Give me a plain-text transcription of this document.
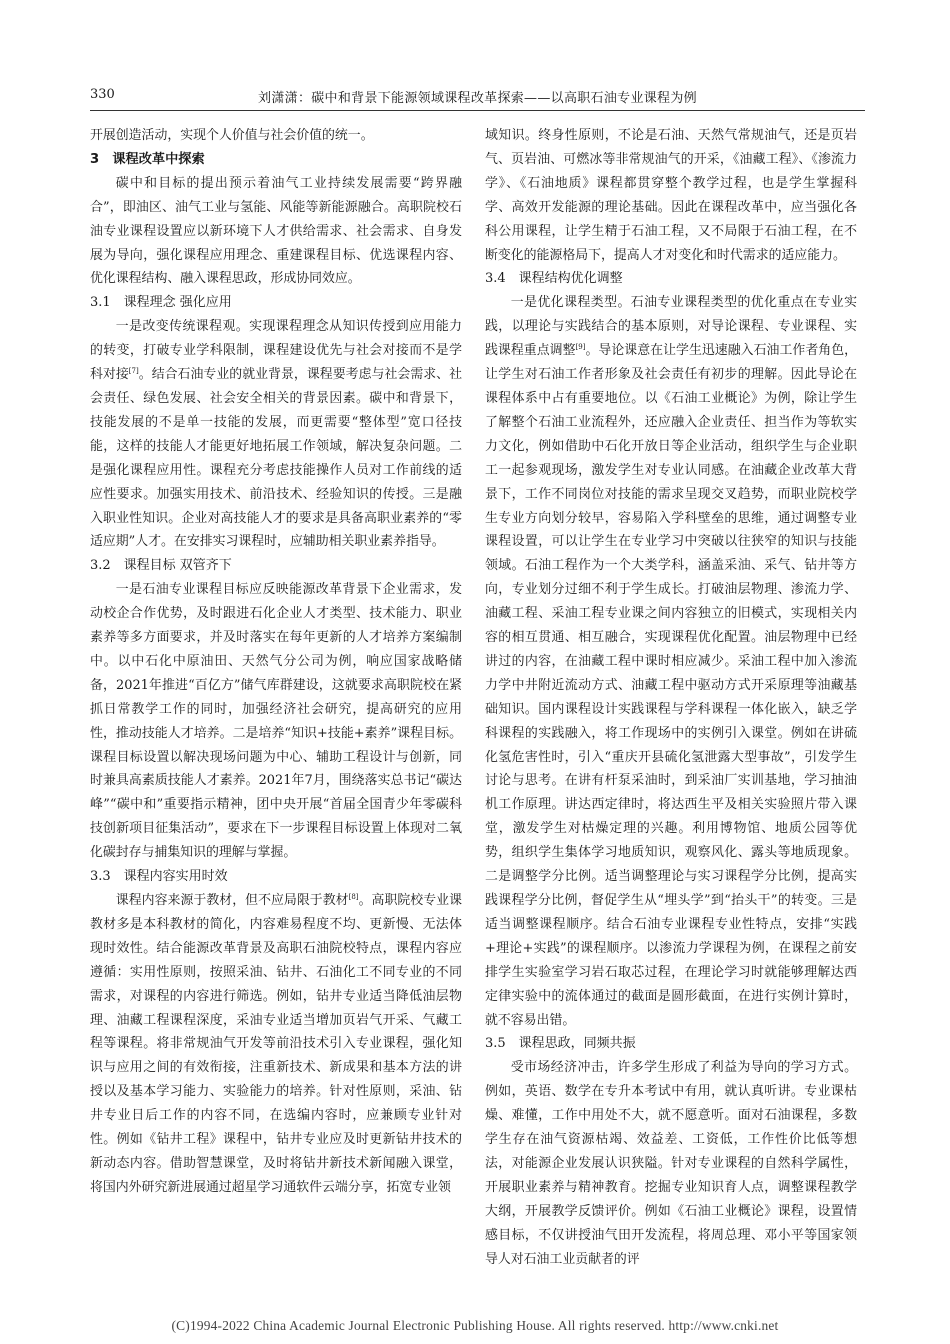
330	刘潇潇：碳中和背景下能源领域课程改革探索——以高职石油专业课程为例

开展创造活动，实现个人价值与社会价值的统一。

3　课程改革中探索

碳中和目标的提出预示着油气工业持续发展需要“跨界融合”，即油区、油气工业与氢能、风能等新能源融合。高职院校石油专业课程设置应以新环境下人才供给需求、社会需求、自身发展为导向，强化课程应用理念、重建课程目标、优选课程内容、优化课程结构、融入课程思政，形成协同效应。

3.1　课程理念 强化应用

一是改变传统课程观。实现课程理念从知识传授到应用能力的转变，打破专业学科限制，课程建设优先与社会对接而不是学科对接[7]。结合石油专业的就业背景，课程要考虑与社会需求、社会责任、绿色发展、社会安全相关的背景因素。碳中和背景下，技能发展的不是单一技能的发展，而更需要“整体型”宽口径技能，这样的技能人才能更好地拓展工作领域，解决复杂问题。二是强化课程应用性。课程充分考虑技能操作人员对工作前线的适应性要求。加强实用技术、前沿技术、经验知识的传授。三是融入职业性知识。企业对高技能人才的要求是具备高职业素养的“零适应期”人才。在安排实习课程时，应辅助相关职业素养指导。

3.2　课程目标 双管齐下

一是石油专业课程目标应反映能源改革背景下企业需求，发动校企合作优势，及时跟进石化企业人才类型、技术能力、职业素养等多方面要求，并及时落实在每年更新的人才培养方案编制中。以中石化中原油田、天然气分公司为例，响应国家战略储备，2021年推进“百亿方”储气库群建设，这就要求高职院校在紧抓日常教学工作的同时，加强经济社会研究，提高研究的应用性，推动技能人才培养。二是培养“知识+技能+素养”课程目标。课程目标设置以解决现场问题为中心、辅助工程设计与创新，同时兼具高素质技能人才素养。2021年7月，围绕落实总书记“碳达峰”“碳中和”重要指示精神，团中央开展“首届全国青少年零碳科技创新项目征集活动”，要求在下一步课程目标设置上体现对二氧化碳封存与捕集知识的理解与掌握。

3.3　课程内容实用时效

课程内容来源于教材，但不应局限于教材[8]。高职院校专业课教材多是本科教材的简化，内容难易程度不均、更新慢、无法体现时效性。结合能源改革背景及高职石油院校特点，课程内容应遵循：实用性原则，按照采油、钻井、石油化工不同专业的不同需求，对课程的内容进行筛选。例如，钻井专业适当降低油层物理、油藏工程课程深度，采油专业适当增加页岩气开采、气藏工程等课程。将非常规油气开发等前沿技术引入专业课程，强化知识与应用之间的有效衔接，注重新技术、新成果和基本方法的讲授以及基本学习能力、实验能力的培养。针对性原则，采油、钻井专业日后工作的内容不同，在选编内容时，应兼顾专业针对性。例如《钻井工程》课程中，钻井专业应及时更新钻井技术的新动态内容。借助智慧课堂，及时将钻井新技术新闻融入课堂，将国内外研究新进展通过超星学习通软件云端分享，拓宽专业领

域知识。终身性原则，不论是石油、天然气常规油气，还是页岩气、页岩油、可燃冰等非常规油气的开采，《油藏工程》、《渗流力学》、《石油地质》课程都贯穿整个教学过程，也是学生掌握科学、高效开发能源的理论基础。因此在课程改革中，应当强化各科公用课程，让学生精于石油工程，又不局限于石油工程，在不断变化的能源格局下，提高人才对变化和时代需求的适应能力。

3.4　课程结构优化调整

一是优化课程类型。石油专业课程类型的优化重点在专业实践，以理论与实践结合的基本原则，对导论课程、专业课程、实践课程重点调整[9]。导论课意在让学生迅速融入石油工作者角色，让学生对石油工作者形象及社会责任有初步的理解。因此导论在课程体系中占有重要地位。以《石油工业概论》为例，除让学生了解整个石油工业流程外，还应融入企业责任、担当作为等软实力文化，例如借助中石化开放日等企业活动，组织学生与企业职工一起参观现场，激发学生对专业认同感。在油藏企业改革大背景下，工作不同岗位对技能的需求呈现交叉趋势，而职业院校学生专业方向划分较早，容易陷入学科壁垒的思维，通过调整专业课程设置，可以让学生在专业学习中突破以往狭窄的知识与技能领域。石油工程作为一个大类学科，涵盖采油、采气、钻井等方向，专业划分过细不利于学生成长。打破油层物理、渗流力学、油藏工程、采油工程专业课之间内容独立的旧模式，实现相关内容的相互贯通、相互融合，实现课程优化配置。油层物理中已经讲过的内容，在油藏工程中课时相应减少。采油工程中加入渗流力学中井附近流动方式、油藏工程中驱动方式开采原理等油藏基础知识。国内课程设计实践课程与学科课程一体化嵌入，缺乏学科课程的实践融入，将工作现场中的实例引入课堂。例如在讲硫化氢危害性时，引入“重庆开县硫化氢泄露大型事故”，引发学生讨论与思考。在讲有杆泵采油时，到采油厂实训基地，学习抽油机工作原理。讲达西定律时，将达西生平及相关实验照片带入课堂，激发学生对枯燥定理的兴趣。利用博物馆、地质公园等优势，组织学生集体学习地质知识，观察风化、露头等地质现象。二是调整学分比例。适当调整理论与实习课程学分比例，提高实践课程学分比例，督促学生从“埋头学”到“抬头干”的转变。三是适当调整课程顺序。结合石油专业课程专业性特点，安排“实践+理论+实践”的课程顺序。以渗流力学课程为例，在课程之前安排学生实验室学习岩石取芯过程，在理论学习时就能够理解达西定律实验中的流体通过的截面是圆形截面，在进行实例计算时，就不容易出错。

3.5　课程思政，同频共振

受市场经济冲击，许多学生形成了利益为导向的学习方式。例如，英语、数学在专升本考试中有用，就认真听讲。专业课枯燥、难懂，工作中用处不大，就不愿意听。面对石油课程，多数学生存在油气资源枯竭、效益差、工资低，工作性价比低等想法，对能源企业发展认识狭隘。针对专业课程的自然科学属性，开展职业素养与精神教育。挖掘专业知识育人点，调整课程教学大纲，开展教学反馈评价。例如《石油工业概论》课程，设置情感目标，不仅讲授油气田开发流程，将周总理、邓小平等国家领导人对石油工业贡献者的评

(C)1994-2022 China Academic Journal Electronic Publishing House. All rights reserved. http://www.cnki.net
